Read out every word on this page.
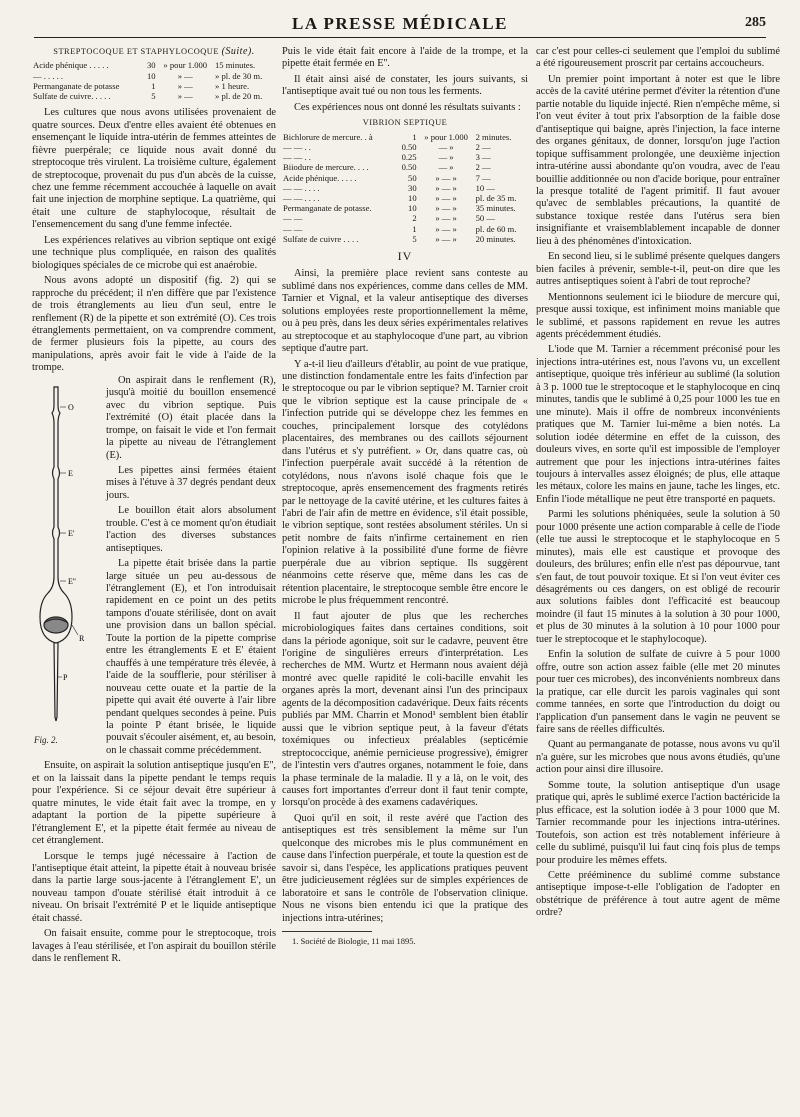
LA PRESSE MÉDICALE	285
STREPTOCOQUE ET STAPHYLOCOQUE (Suite).
Acide phénique . . . . .	30	» pour 1.000	15 minutes.
— . . . . .	10	» —	» pl. de 30 m.
Permanganate de potasse	1	» —	» 1 heure.
Sulfate de cuivre. . . . .	5	» —	» pl. de 20 m.

Les cultures que nous avons utilisées provenaient de quatre sources. Deux d'entre elles avaient été obtenues en ensemençant le liquide intra-utérin de femmes atteintes de fièvre puerpérale; ce liquide nous avait donné du streptocoque très virulent. La troisième culture, également de streptocoque, provenait du pus d'un abcès de la cuisse, chez une femme récemment accouchée à laquelle on avait fait une injection de morphine septique. La quatrième, qui était une culture de staphylocoque, résultait de l'ensemencement du sang d'une femme infectée.

Les expériences relatives au vibrion septique ont exigé une technique plus compliquée, en raison des qualités biologiques spéciales de ce microbe qui est anaérobie.

Nous avons adopté un dispositif (fig. 2) qui se rapproche du précédent; il n'en diffère que par l'existence de trois étranglements au lieu d'un seul, entre le renflement (R) de la pipette et son extrémité (O). Ces trois étranglements permettaient, on va comprendre comment, de fermer plusieurs fois la pipette, au cours des manipulations, après avoir fait le vide à l'aide de la trompe.

O
E
E'
E''
R
P
Fig. 2.

On aspirait dans le renflement (R), jusqu'à moitié du bouillon ensemencé avec du vibrion septique. Puis l'extrémité (O) était placée dans la trompe, on faisait le vide et l'on fermait la pipette au niveau de l'étranglement (E).

Les pipettes ainsi fermées étaient mises à l'étuve à 37 degrés pendant deux jours.

Le bouillon était alors absolument trouble. C'est à ce moment qu'on étudiait l'action des diverses substances antiseptiques.

La pipette était brisée dans la partie large située un peu au-dessous de l'étranglement (E), et l'on introduisait rapidement en ce point un des petits tampons d'ouate stérilisée, dont on avait une provision dans un ballon spécial. Toute la portion de la pipette comprise entre les étranglements E et E' étaient chauffés à une température très élevée, à l'aide de la soufflerie, pour stériliser à nouveau cette ouate et la partie de la pipette qui avait été ouverte à l'air libre pendant quelques secondes à peine. Puis la pointe P étant brisée, le liquide pouvait s'écouler aisément, et, au besoin, on le chassait comme précédemment.

Ensuite, on aspirait la solution antiseptique jusqu'en E'', et on la laissait dans la pipette pendant le temps requis pour l'expérience. Si ce séjour devait être supérieur à quatre minutes, le vide était fait avec la trompe, en y adaptant la portion de la pipette supérieure à l'étranglement E', et la pipette était fermée au niveau de cet étranglement.

Lorsque le temps jugé nécessaire à l'action de l'antiseptique était atteint, la pipette était à nouveau brisée dans la partie large sous-jacente à l'étranglement E', un nouveau tampon d'ouate stérilisé était introduit à ce niveau. On brisait l'extrémité P et le liquide antiseptique était chassé.

On faisait ensuite, comme pour le streptocoque, trois lavages à l'eau stérilisée, et l'on aspirait du bouillon stérile dans le renflement R.

Puis le vide était fait encore à l'aide de la trompe, et la pipette était fermée en E''.

Il était ainsi aisé de constater, les jours suivants, si l'antiseptique avait tué ou non tous les ferments.

Ces expériences nous ont donné les résultats suivants :

VIBRION SEPTIQUE
Bichlorure de mercure. . à	1	» pour 1.000	2 minutes.
— — . .	0.50	— »	2 —
— — . .	0.25	— »	3 —
Biiodure de mercure. . . .	0.50	— »	2 —
Acide phénique. . . . .	50	» — »	7 —
— — . . . .	30	» — »	10 —
— — . . . .	10	» — »	pl. de 35 m.
Permanganate de potasse.	10	» — »	35 minutes.
— —	2	» — »	50 —
— —	1	» — »	pl. de 60 m.
Sulfate de cuivre . . . .	5	» — »	20 minutes.
IV

Ainsi, la première place revient sans conteste au sublimé dans nos expériences, comme dans celles de MM. Tarnier et Vignal, et la valeur antiseptique des diverses solutions employées reste proportionnellement la même, ou à peu près, dans les deux séries expérimentales relatives au streptocoque et au staphylocoque d'une part, au vibrion septique d'autre part.

Y a-t-il lieu d'ailleurs d'établir, au point de vue pratique, une distinction fondamentale entre les faits d'infection par le streptocoque ou par le vibrion septique? M. Tarnier croit que le vibrion septique est la cause principale de « l'infection putride qui se développe chez les femmes en couches, principalement lorsque des cotylédons placentaires, des membranes ou des caillots séjournent dans l'utérus et s'y putréfient. » Or, dans quatre cas, où l'infection puerpérale avait succédé à la rétention de cotylédons, nous n'avons isolé chaque fois que le streptocoque, après ensemencement des fragments retirés par le nettoyage de la cavité utérine, et les cultures faites à l'abri de l'air afin de mettre en évidence, s'il était possible, le vibrion septique, sont restées absolument stériles. Un si petit nombre de faits n'infirme certainement en rien l'opinion relative à la possibilité d'une forme de fièvre puerpérale due au vibrion septique. Ils suggèrent néanmoins cette réserve que, même dans les cas de rétention placentaire, le streptocoque semble être encore le microbe le plus fréquemment rencontré.

Il faut ajouter de plus que les recherches microbiologiques faites dans certaines conditions, soit dans la période agonique, soit sur le cadavre, peuvent être l'origine de singulières erreurs d'interprétation. Les recherches de MM. Wurtz et Hermann nous avaient déjà montré avec quelle rapidité le coli-bacille envahit les organes après la mort, devenant ainsi l'un des principaux agents de la décomposition cadavérique. Deux faits récents publiés par MM. Charrin et Monod¹ semblent bien établir aussi que le vibrion septique peut, à la faveur d'états toxémiques ou infectieux préalables (septicémie streptococcique, anémie pernicieuse progressive), émigrer de l'intestin vers d'autres organes, notamment le foie, dans la phase terminale de la maladie. Il y a là, on le voit, des causes fort importantes d'erreur dont il faut tenir compte, lorsqu'on procède à des examens cadavériques.

Quoi qu'il en soit, il reste avéré que l'action des antiseptiques est très sensiblement la même sur l'un quelconque des microbes mis le plus communément en cause dans l'infection puerpérale, et toute la question est de savoir si, dans l'espèce, les applications pratiques peuvent être judicieusement réglées sur de simples expériences de laboratoire et sans le contrôle de l'observation clinique. Nous ne visons bien entendu ici que la pratique des injections intra-utérines;

1. Société de Biologie, 11 mai 1895.

car c'est pour celles-ci seulement que l'emploi du sublimé a été rigoureusement proscrit par certains accoucheurs.

Un premier point important à noter est que le libre accès de la cavité utérine permet d'éviter la rétention d'une partie notable du liquide injecté. Rien n'empêche même, si l'on veut éviter à tout prix l'absorption de la faible dose d'antiseptique qui baigne, après l'injection, la face interne des organes génitaux, de donner, lorsqu'on juge l'action topique suffisamment prolongée, une deuxième injection intra-utérine aussi abondante qu'on voudra, avec de l'eau bouillie additionnée ou non d'acide borique, pour entraîner la presque totalité de l'agent primitif. Il faut avouer qu'avec de semblables précautions, la quantité de substance toxique restée dans l'utérus sera bien insignifiante et vraisemblablement incapable de donner lieu à des phénomènes d'intoxication.

En second lieu, si le sublimé présente quelques dangers bien faciles à prévenir, semble-t-il, peut-on dire que les autres antiseptiques soient à l'abri de tout reproche?

Mentionnons seulement ici le biiodure de mercure qui, presque aussi toxique, est infiniment moins maniable que le sublimé, et passons rapidement en revue les autres agents précédemment étudiés.

L'iode que M. Tarnier a récemment préconisé pour les injections intra-utérines est, nous l'avons vu, un excellent antiseptique, quoique très inférieur au sublimé (la solution à 3 p. 1000 tue le streptocoque et le staphylocoque en cinq minutes, tandis que le sublimé à 0,25 pour 1000 les tue en une minute). Mais il offre de nombreux inconvénients pratiques que M. Tarnier lui-même a bien notés. La solution iodée détermine en effet de la cuisson, des douleurs vives, en sorte qu'il est impossible de l'employer autrement que pour les injections intra-utérines faites toujours à intervalles assez éloignés; de plus, elle attaque les métaux, colore les mains en jaune, tache les linges, etc. Enfin l'iode métallique ne peut être transporté en paquets.

Parmi les solutions phéniquées, seule la solution à 50 pour 1000 présente une action comparable à celle de l'iode (elle tue aussi le streptocoque et le staphylocoque en 5 minutes), mais elle est caustique et provoque des douleurs, des brûlures; enfin elle n'est pas dépourvue, tant s'en faut, de tout pouvoir toxique. Et si l'on veut éviter ces désagréments ou ces dangers, on est obligé de recourir aux solutions faibles dont l'efficacité est beaucoup moindre (il faut 15 minutes à la solution à 30 pour 1000, et plus de 30 minutes à la solution à 10 pour 1000 pour tuer le streptocoque et le staphylocoque).

Enfin la solution de sulfate de cuivre à 5 pour 1000 offre, outre son action assez faible (elle met 20 minutes pour tuer ces microbes), des inconvénients nombreux dans la pratique, car elle durcit les parois vaginales qui sont comme tannées, en sorte que l'introduction du doigt ou l'application d'un pansement dans le vagin ne peuvent se faire sans de réelles difficultés.

Quant au permanganate de potasse, nous avons vu qu'il n'a guère, sur les microbes que nous avons étudiés, qu'une action pour ainsi dire illusoire.

Somme toute, la solution antiseptique d'un usage pratique qui, après le sublimé exerce l'action bactéricide la plus efficace, est la solution iodée à 3 pour 1000 que M. Tarnier recommande pour les injections intra-utérines. Toutefois, son action est très notablement inférieure à celle du sublimé, puisqu'il lui faut cinq fois plus de temps pour produire les mêmes effets.

Cette prééminence du sublimé comme substance antiseptique impose-t-elle l'obligation de l'adopter en obstétrique de préférence à tout autre agent de même ordre?
